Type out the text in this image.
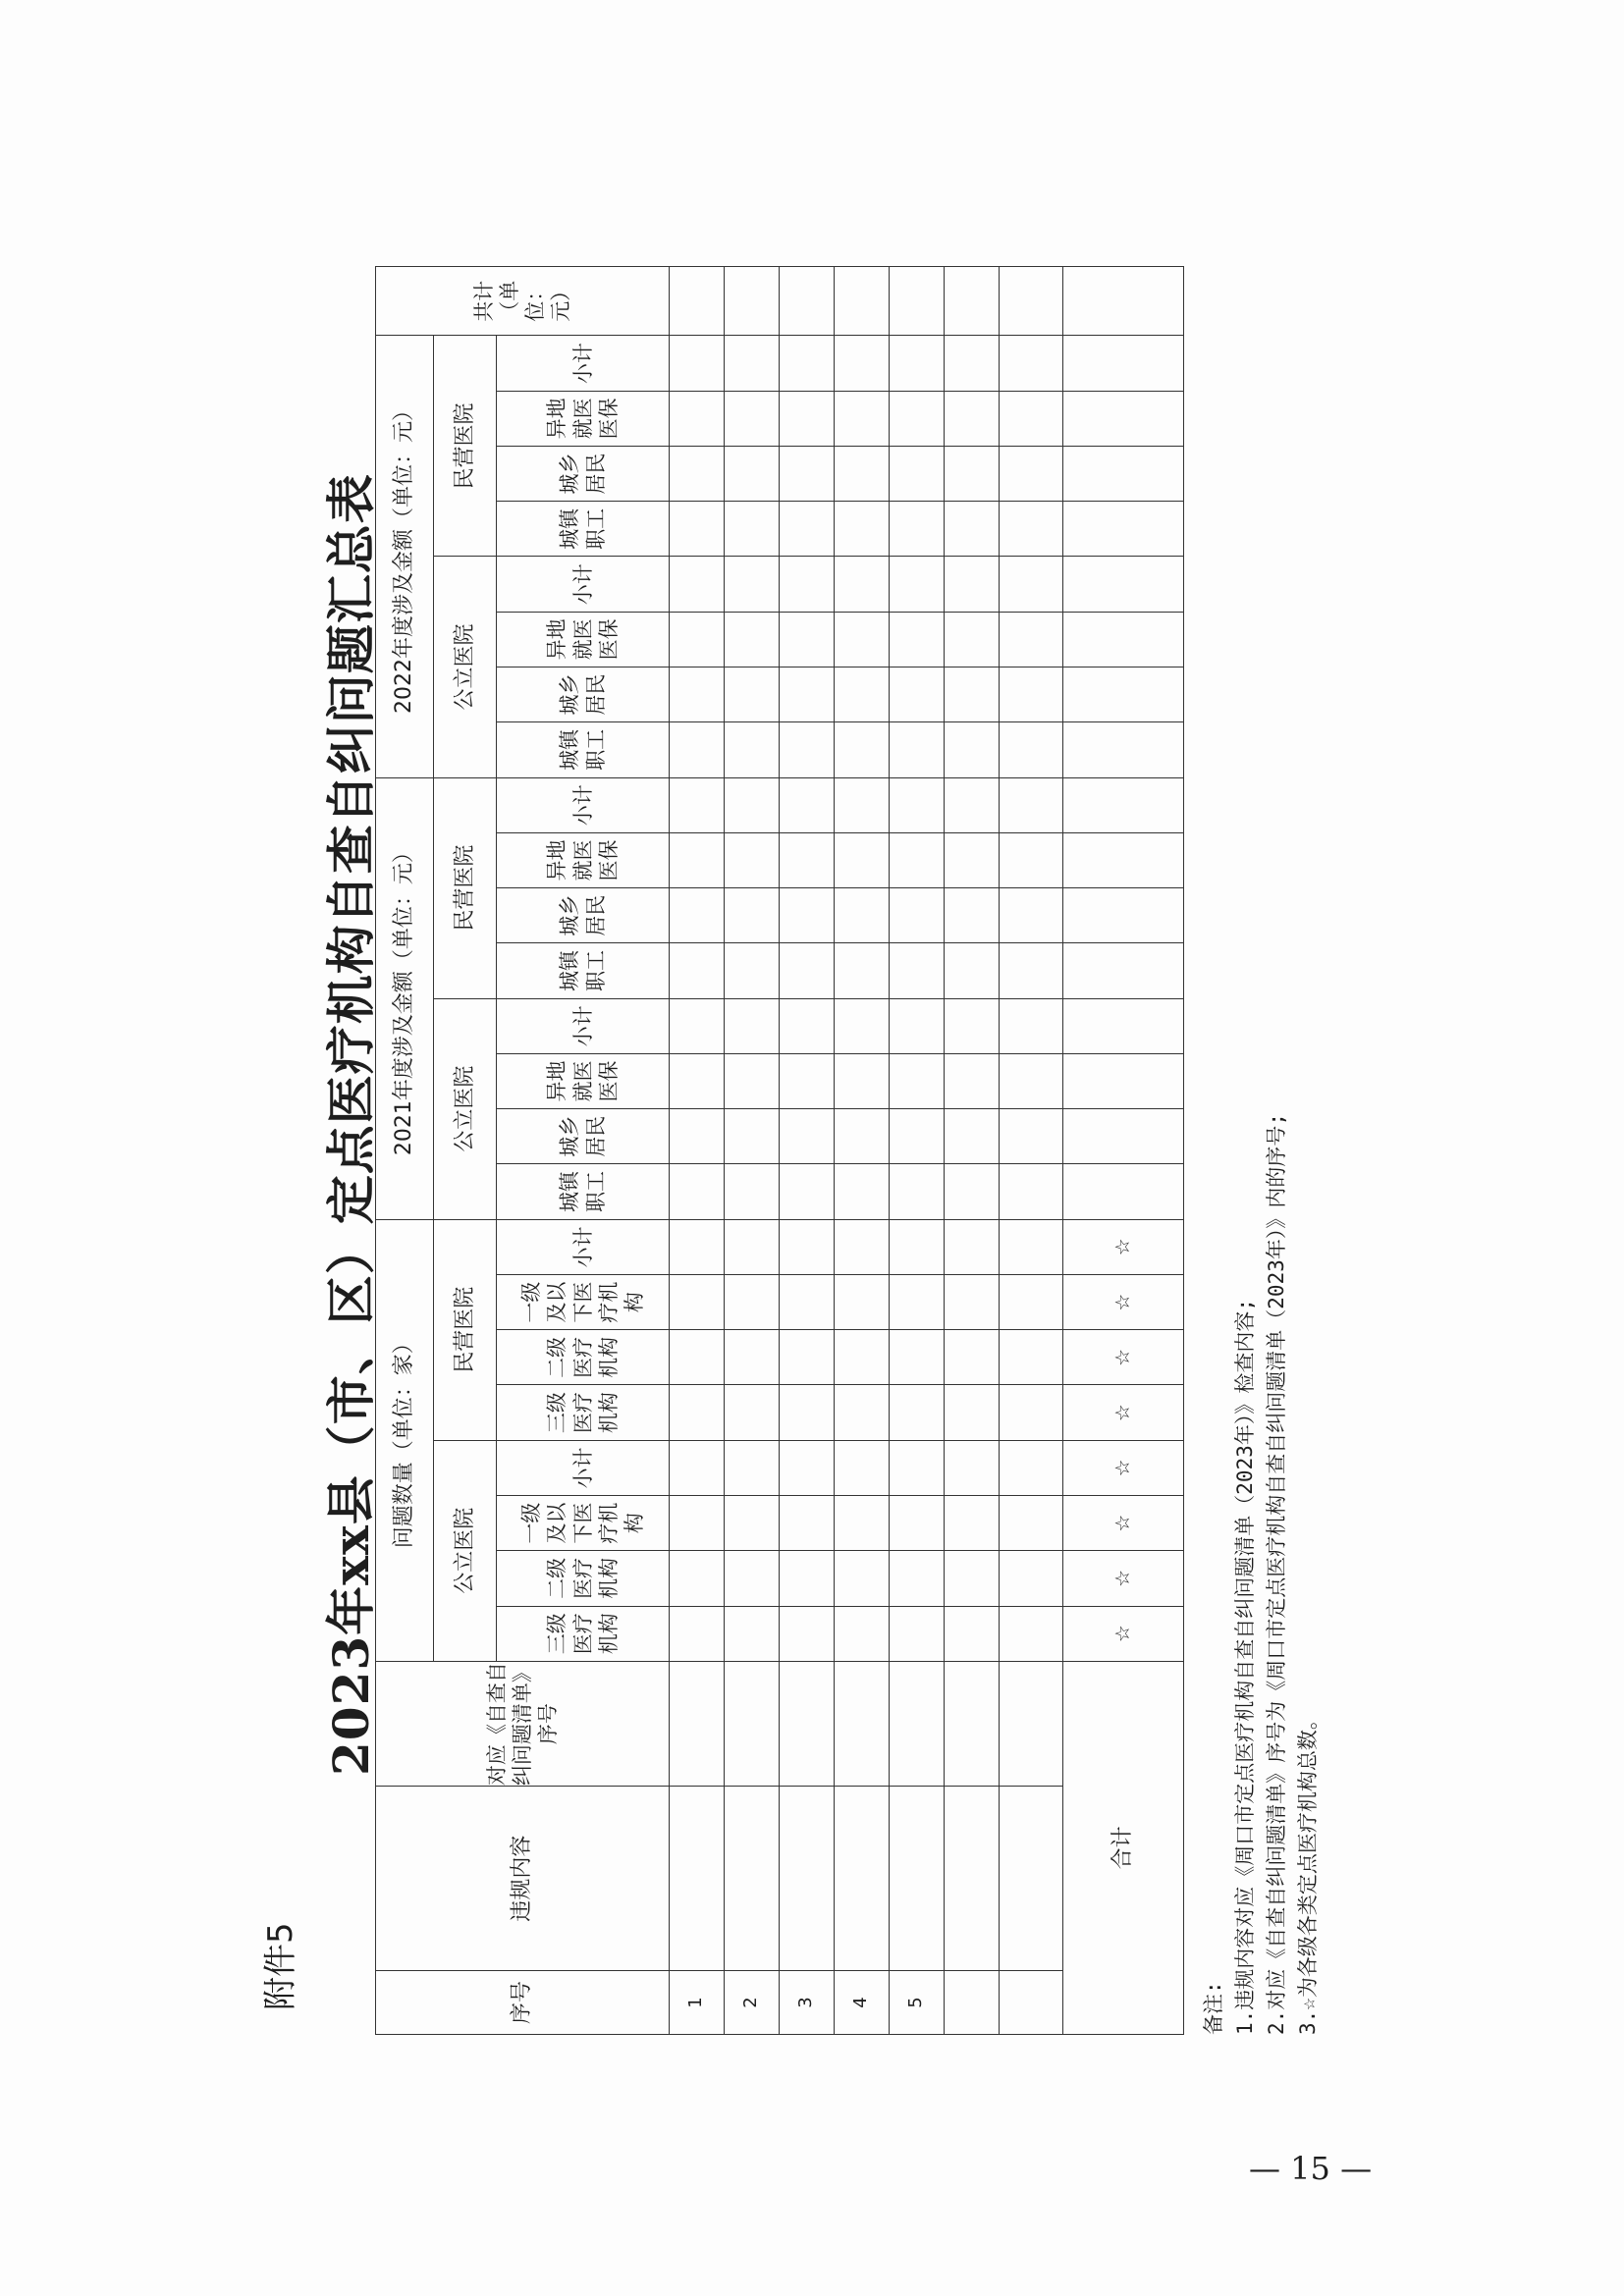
附件5
2023年xx县（市、区）定点医疗机构自查自纠问题汇总表
序号	违规内容	对应《自查自纠问题清单》序号	问题数量（单位：家）								2021年度涉及金额（单位：元）								2022年度涉及金额（单位：元）								共计（单位：元）
			公立医院				民营医院				公立医院				民营医院				公立医院				民营医院				
			三级医疗机构	二级医疗机构	一级及以下医疗机构	小计	三级医疗机构	二级医疗机构	一级及以下医疗机构	小计	城镇职工	城乡居民	异地就医医保	小计	城镇职工	城乡居民	异地就医医保	小计	城镇职工	城乡居民	异地就医医保	小计	城镇职工	城乡居民	异地就医医保	小计	
1																											
2																											
3																											
4																											
5																											

合计			☆	☆	☆	☆	☆	☆	☆	☆																	
备注: 1.违规内容对应《周口市定点医疗机构自查自纠问题清单（2023年）》检查内容; 2.对应《自查自纠问题清单》序号为《周口市定点医疗机构自查自纠问题清单（2023年）》内的序号; 3.☆为各级各类定点医疗机构总数。
— 15 —
